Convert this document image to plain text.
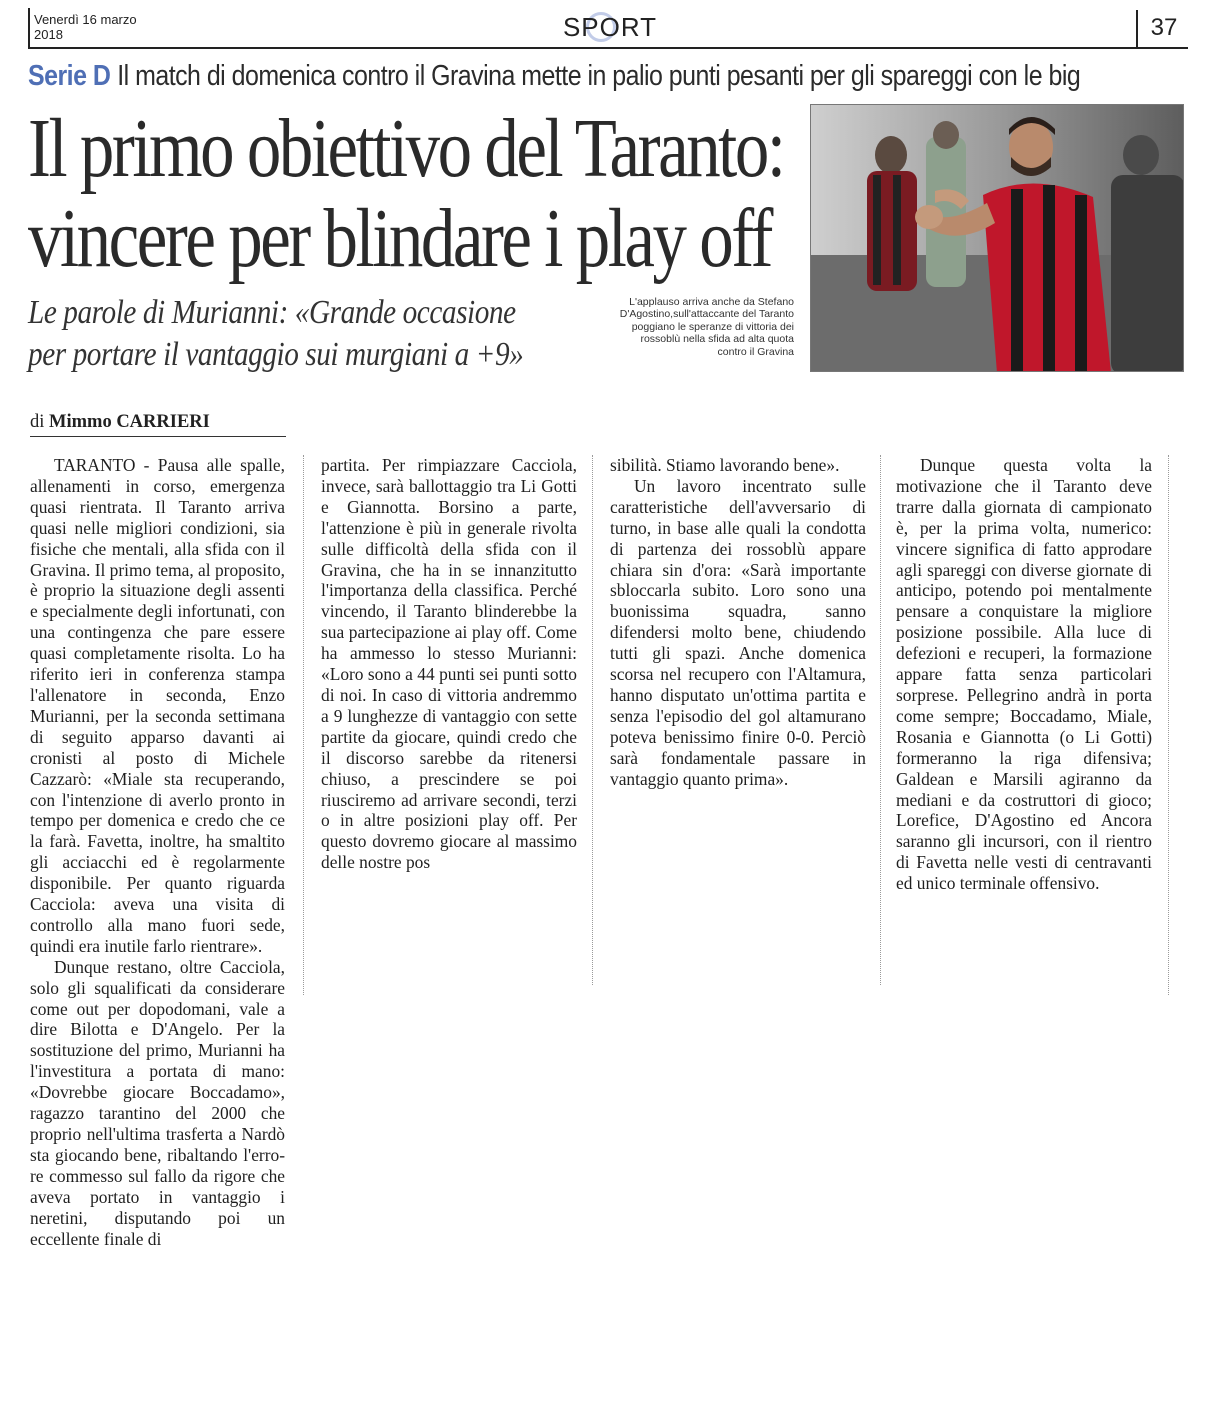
Venerdì 16 marzo
2018	SPORT	37
Serie D Il match di domenica contro il Gravina mette in palio punti pesanti per gli spareggi con le big
Il primo obiettivo del Taranto:
vincere per blindare i play off
Le parole di Murianni: «Grande occasione
per portare il vantaggio sui murgiani a +9»
L'applauso arriva anche da Stefano D'Agostino,sull'attaccante del Taranto poggiano le speranze di vittoria dei rossoblù nella sfida ad alta quota contro il Gravina
di Mimmo CARRIERI

TARANTO - Pausa alle spalle, allenamenti in corso, emergenza quasi rientrata. Il Taranto arriva quasi nelle migliori condizioni, sia fisiche che mentali, alla sfida con il Gravina. Il primo tema, al proposito, è proprio la situazione degli assenti e specialmente degli infortunati, con una contingenza che pare essere quasi completamente risolta. Lo ha riferito ieri in conferenza stampa l'allenatore in seconda, Enzo Murianni, per la seconda settimana di seguito apparso davanti ai cronisti al posto di Michele Cazzarò: «Miale sta recuperando, con l'intenzione di averlo pronto in tempo per domenica e credo che ce la farà. Favetta, inoltre, ha smaltito gli acciacchi ed è regolarmente disponibile. Per quanto riguarda Cacciola: aveva una visita di controllo alla mano fuori sede, quindi era inutile farlo rientrare».

Dunque restano, oltre Cacciola, solo gli squalificati da considerare come out per dopodomani, vale a dire Bilotta e D'Angelo. Per la sostituzione del primo, Murianni ha l'investitura a portata di mano: «Dovrebbe giocare Boccadamo», ragazzo tarantino del 2000 che proprio nell'ultima trasferta a Nardò sta giocando bene, ribaltando l'errore commesso sul fallo da rigore che aveva portato in vantaggio i neretini, disputando poi un eccellente finale di

partita. Per rimpiazzare Cacciola, invece, sarà ballottaggio tra Li Gotti e Giannotta. Borsino a parte, l'attenzione è più in generale rivolta sulle difficoltà della sfida con il Gravina, che ha in se innanzitutto l'importanza della classifica. Perché vincendo, il Taranto blinderebbe la sua partecipazione ai play off. Come ha ammesso lo stesso Murianni: «Loro sono a 44 punti sei punti sotto di noi. In caso di vittoria andremmo a 9 lunghezze di vantaggio con sette partite da giocare, quindi credo che il discorso sarebbe da ritenersi chiuso, a prescindere se poi riusciremo ad arrivare secondi, terzi o in altre posizioni play off. Per questo dovremo giocare al massimo delle nostre pos

sibilità. Stiamo lavorando bene».

Un lavoro incentrato sulle caratteristiche dell'avversario di turno, in base alle quali la condotta di partenza dei rossoblù appare chiara sin d'ora: «Sarà importante sbloccarla subito. Loro sono una buonissima squadra, sanno difendersi molto bene, chiudendo tutti gli spazi. Anche domenica scorsa nel recupero con l'Altamura, hanno disputato un'ottima partita e senza l'episodio del gol altamurano poteva benissimo finire 0-0. Perciò sarà fondamentale passare in vantaggio quanto prima».

Dunque questa volta la motivazione che il Taranto deve trarre dalla giornata di campionato è, per la prima volta, numerico: vincere significa di fatto approdare agli spareggi con diverse giornate di anticipo, potendo poi mentalmente pensare a conquistare la migliore posizione possibile. Alla luce di defezioni e recuperi, la formazione appare fatta senza particolari sorprese. Pellegrino andrà in porta come sempre; Boccadamo, Miale, Rosania e Giannotta (o Li Gotti) formeranno la riga difensiva; Galdean e Marsili agiranno da mediani e da costruttori di gioco; Lorefice, D'Agostino ed Ancora saranno gli incursori, con il rientro di Favetta nelle vesti di centravanti ed unico terminale offensivo.
